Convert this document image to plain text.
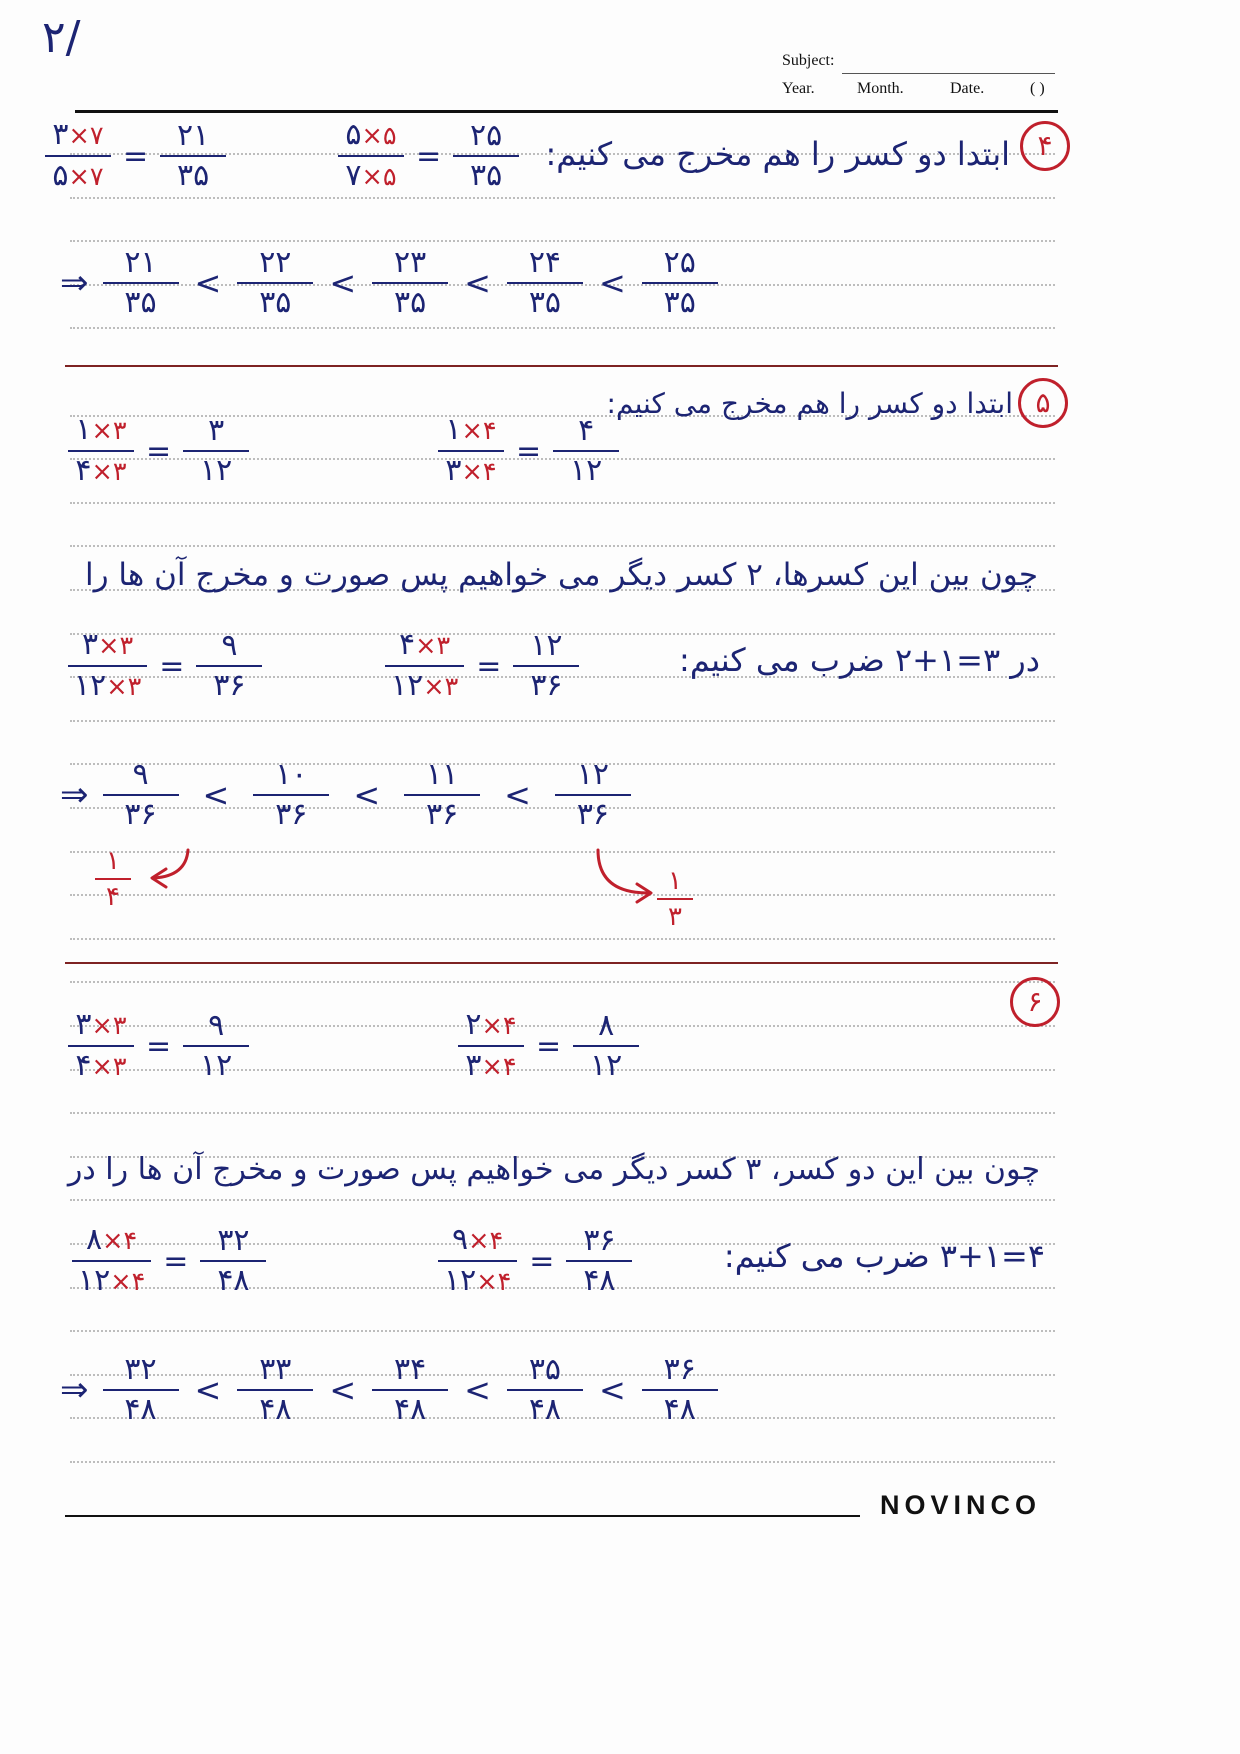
۲/	Subject:
Year.	Month.	Date.	( )
۴
ابتدا دو کسر را هم مخرج می کنیم:
$\frac{۳\times ۷}{۵\times ۷} = \frac{۲۱}{۳۵}$	$\frac{۵\times ۵}{۷\times ۵} = \frac{۲۵}{۳۵}$
⇒ $\frac{۲۱}{۳۵} < \frac{۲۲}{۳۵} < \frac{۲۳}{۳۵} < \frac{۲۴}{۳۵} < \frac{۲۵}{۳۵}$
۵
ابتدا دو کسر را هم مخرج می کنیم:
$\frac{۱\times ۳}{۴\times ۳} = \frac{۳}{۱۲}$	$\frac{۱\times ۴}{۳\times ۴} = \frac{۴}{۱۲}$
چون بین این کسرها، ۲ کسر دیگر می خواهیم پس صورت و مخرج آن ها را
$\frac{۳\times ۳}{۱۲\times ۳} = \frac{۹}{۳۶}$	$\frac{۴\times ۳}{۱۲\times ۳} = \frac{۱۲}{۳۶}$	در ۲+۱=۳ ضرب می کنیم:
⇒ $\frac{۹}{۳۶} < \frac{۱۰}{۳۶} < \frac{۱۱}{۳۶} < \frac{۱۲}{۳۶}$
$\frac{۱}{۴}$	$\frac{۱}{۳}$
۶
$\frac{۳\times ۳}{۴\times ۳} = \frac{۹}{۱۲}$	$\frac{۲\times ۴}{۳\times ۴} = \frac{۸}{۱۲}$
چون بین این دو کسر، ۳ کسر دیگر می خواهیم پس صورت و مخرج آن ها را در
$\frac{۸\times ۴}{۱۲\times ۴} = \frac{۳۲}{۴۸}$	$\frac{۹\times ۴}{۱۲\times ۴} = \frac{۳۶}{۴۸}$	۳+۱=۴ ضرب می کنیم:
⇒ $\frac{۳۲}{۴۸} < \frac{۳۳}{۴۸} < \frac{۳۴}{۴۸} < \frac{۳۵}{۴۸} < \frac{۳۶}{۴۸}$
NOVINCO
